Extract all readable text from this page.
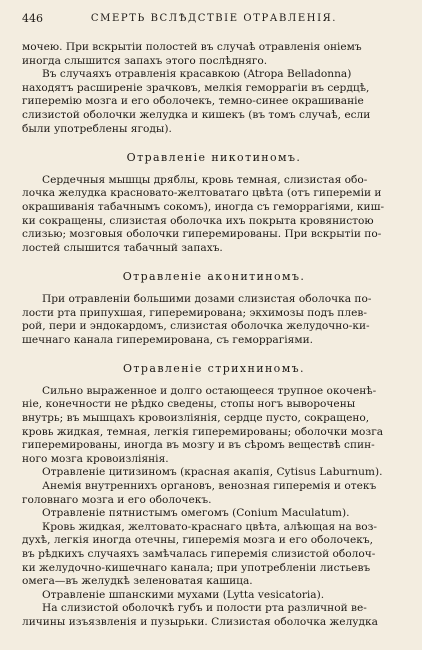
446	СМЕРТЬ ВСЛѢДСТВІЕ ОТРАВЛЕНІЯ.

мочею. При вскрытіи полостей въ случаѣ отравленія онiемъ

иногда слышится запахъ этого послѣдняго.

Въ случаяхъ отравленія красавкою (Atropa Belladonna)

находятъ расширеніе зрачковъ, мелкія геморрагіи въ сердцѣ,

гиперемію мозга и его оболочекъ, темно-синее окрашиваніе

слизистой оболочки желудка и кишекъ (въ томъ случаѣ, если

были употреблены ягоды).

Отравленіе никотиномъ.

Сердечныя мышцы дряблы, кровь темная, слизистая обо-

лочка желудка красновато-желтоватаго цвѣта (отъ гипереміи и

окрашиванія табачнымъ сокомъ), иногда съ геморрагіями, киш-

ки сокращены, слизистая оболочка ихъ покрыта кровянистою

слизью; мозговыя оболочки гиперемированы. При вскрытіи по-

лостей слышится табачный запахъ.

Отравленіе аконитиномъ.

При отравленіи большими дозами слизистая оболочка по-

лости рта припухшая, гиперемирована; экхимозы подъ плев-

рой, пери и эндокардомъ, слизистая оболочка желудочно-ки-

шечнаго канала гиперемирована, съ геморрагіями.

Отравленіе стрихниномъ.

Сильно выраженное и долго остающееся трупное окоченѣ-

ніе, конечности не рѣдко сведены, стопы ногъ выворочены

внутрь; въ мышцахъ кровоизліянія, сердце пусто, сокращено,

кровь жидкая, темная, легкія гиперемированы; оболочки мозга

гиперемированы, иногда въ мозгу и въ сѣромъ веществѣ спин-

ного мозга кровоизліянія.

Отравленіе цитизиномъ (красная акапія, Cytisus Laburnum).

Анемія внутреннихъ органовъ, венозная гиперемія и отекъ

головнаго мозга и его оболочекъ.

Отравленіе пятнистымъ омегомъ (Conium Maculatum).

Кровь жидкая, желтовато-краснаго цвѣта, алѣющая на воз-

духѣ, легкія иногда отечны, гиперемія мозга и его оболочекъ,

въ рѣдкихъ случаяхъ замѣчалась гиперемія слизистой оболоч-

ки желудочно-кишечнаго канала; при употребленіи листьевъ

омега—въ желудкѣ зеленоватая кашица.

Отравленіе шпанскими мухами (Lytta vesicatoria).

На слизистой оболочкѣ губъ и полости рта различной ве-

личины изъязвленія и пузырьки. Слизистая оболочка желудка
